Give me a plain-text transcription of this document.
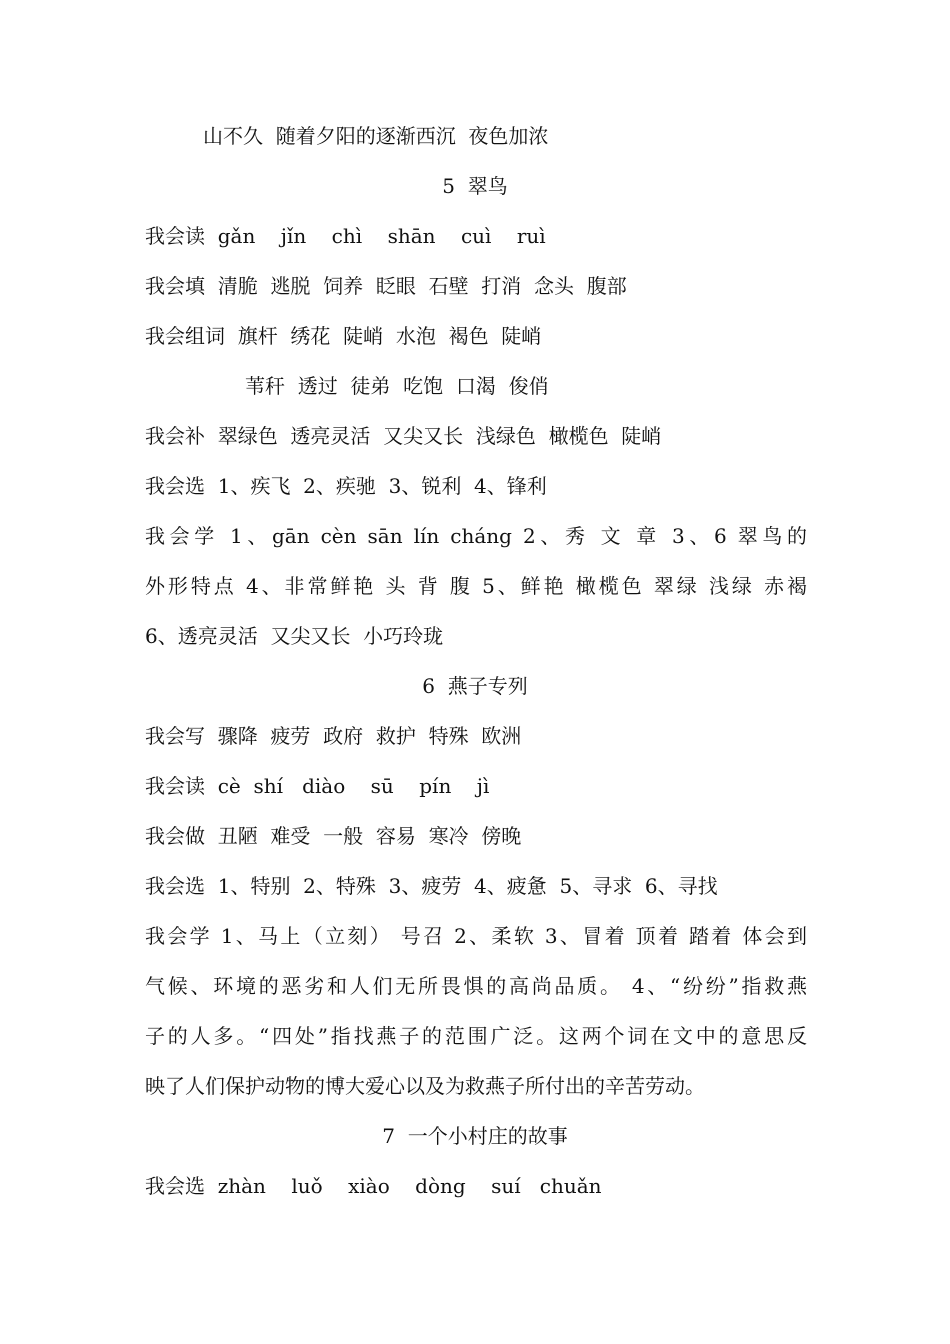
山不久  随着夕阳的逐渐西沉  夜色加浓
5  翠鸟
我会读  gǎn    jǐn    chì    shān    cuì    ruì
我会填  清脆  逃脱  饲养  眨眼  石壁  打消  念头  腹部
我会组词  旗杆  绣花  陡峭  水泡  褐色  陡峭
苇秆  透过  徒弟  吃饱  口渴  俊俏
我会补  翠绿色  透亮灵活  又尖又长  浅绿色  橄榄色  陡峭
我会选  1、疾飞  2、疾驰  3、锐利  4、锋利
我会学 1、gān cèn sān lín cháng 2、秀 文 章 3、6 翠鸟的
外形特点 4、非常鲜艳 头 背 腹 5、鲜艳 橄榄色 翠绿 浅绿 赤褐
6、透亮灵活  又尖又长  小巧玲珑
6  燕子专列
我会写  骤降  疲劳  政府  救护  特殊  欧洲
我会读  cè  shí   diào    sū    pín    jì
我会做  丑陋  难受  一般  容易  寒冷  傍晚
我会选  1、特别  2、特殊  3、疲劳  4、疲惫  5、寻求  6、寻找
我会学 1、马上（立刻） 号召 2、柔软 3、冒着 顶着 踏着 体会到
气候、环境的恶劣和人们无所畏惧的高尚品质。 4、“纷纷”指救燕
子的人多。“四处”指找燕子的范围广泛。这两个词在文中的意思反
映了人们保护动物的博大爱心以及为救燕子所付出的辛苦劳动。
7  一个小村庄的故事
我会选  zhàn    luǒ    xiào    dòng    suí   chuǎn
